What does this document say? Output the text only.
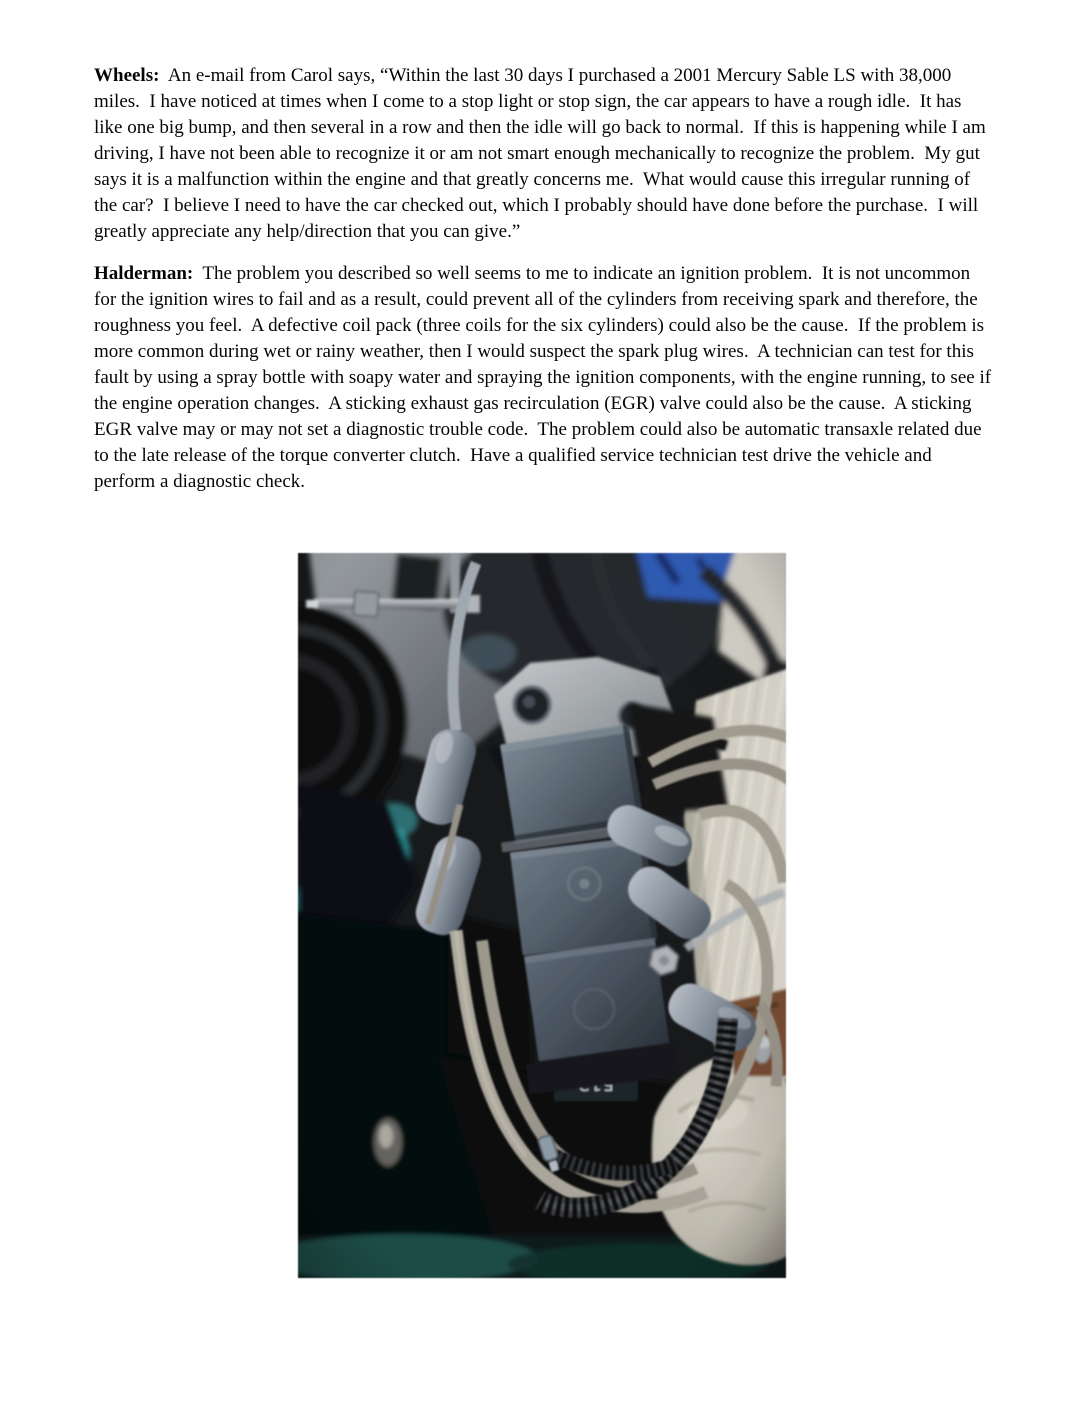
Wheels:  An e-mail from Carol says, “Within the last 30 days I purchased a 2001 Mercury Sable LS with 38,000 miles.  I have noticed at times when I come to a stop light or stop sign, the car appears to have a rough idle.  It has like one big bump, and then several in a row and then the idle will go back to normal.  If this is happening while I am driving, I have not been able to recognize it or am not smart enough mechanically to recognize the problem.  My gut says it is a malfunction within the engine and that greatly concerns me.  What would cause this irregular running of the car?  I believe I need to have the car checked out, which I probably should have done before the purchase.  I will greatly appreciate any help/direction that you can give.”

Halderman:  The problem you described so well seems to me to indicate an ignition problem.  It is not uncommon for the ignition wires to fail and as a result, could prevent all of the cylinders from receiving spark and therefore, the roughness you feel.  A defective coil pack (three coils for the six cylinders) could also be the cause.  If the problem is more common during wet or rainy weather, then I would suspect the spark plug wires.  A technician can test for this fault by using a spray bottle with soapy water and spraying the ignition components, with the engine running, to see if the engine operation changes.  A sticking exhaust gas recirculation (EGR) valve could also be the cause.  A sticking EGR valve may or may not set a diagnostic trouble code.  The problem could also be automatic transaxle related due to the late release of the torque converter clutch.  Have a qualified service technician test drive the vehicle and perform a diagnostic check.
